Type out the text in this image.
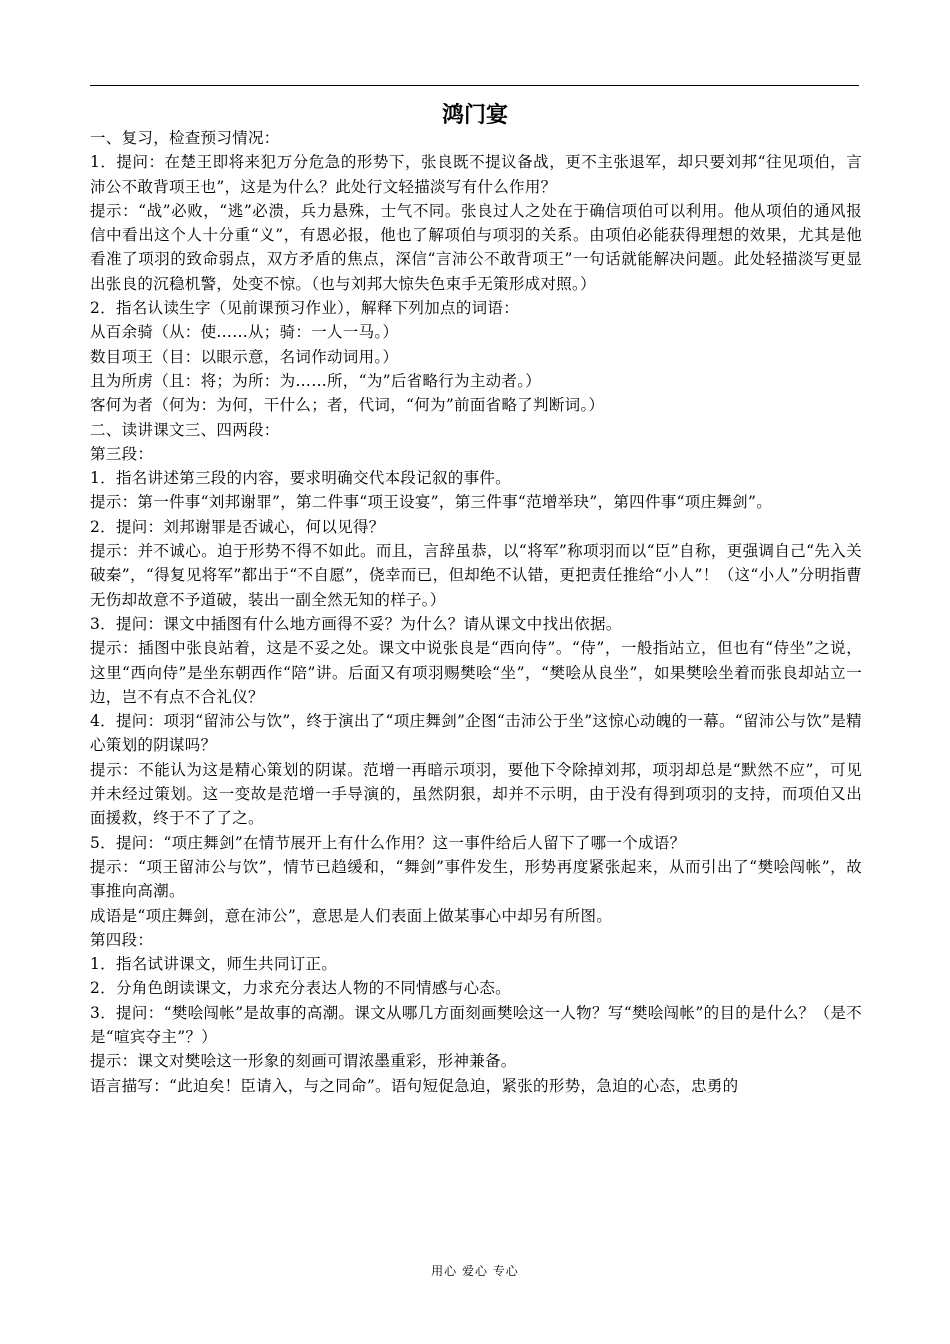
鸿门宴

一、复习，检查预习情况：

1．提问：在楚王即将来犯万分危急的形势下，张良既不提议备战，更不主张退军，却只要刘邦“往见项伯，言沛公不敢背项王也”，这是为什么？此处行文轻描淡写有什么作用？

提示：“战”必败，“逃”必溃，兵力悬殊，士气不同。张良过人之处在于确信项伯可以利用。他从项伯的通风报信中看出这个人十分重“义”，有恩必报，他也了解项伯与项羽的关系。由项伯必能获得理想的效果，尤其是他看准了项羽的致命弱点，双方矛盾的焦点，深信“言沛公不敢背项王”一句话就能解决问题。此处轻描淡写更显出张良的沉稳机警，处变不惊。（也与刘邦大惊失色束手无策形成对照。）

2．指名认读生字（见前课预习作业），解释下列加点的词语：

从百余骑（从：使……从；骑：一人一马。）

数目项王（目：以眼示意，名词作动词用。）

且为所虏（且：将；为所：为……所，“为”后省略行为主动者。）

客何为者（何为：为何，干什么；者，代词，“何为”前面省略了判断词。）

二、读讲课文三、四两段：

第三段：

1．指名讲述第三段的内容，要求明确交代本段记叙的事件。

提示：第一件事“刘邦谢罪”，第二件事“项王设宴”，第三件事“范增举玦”，第四件事“项庄舞剑”。

2．提问：刘邦谢罪是否诚心，何以见得？

提示：并不诚心。迫于形势不得不如此。而且，言辞虽恭，以“将军”称项羽而以“臣”自称，更强调自己“先入关破秦”，“得复见将军”都出于“不自愿”，侥幸而已，但却绝不认错，更把责任推给“小人”！（这“小人”分明指曹无伤却故意不予道破，装出一副全然无知的样子。）

3．提问：课文中插图有什么地方画得不妥？为什么？请从课文中找出依据。

提示：插图中张良站着，这是不妥之处。课文中说张良是“西向侍”。“侍”，一般指站立，但也有“侍坐”之说，这里“西向侍”是坐东朝西作“陪”讲。后面又有项羽赐樊哙“坐”，“樊哙从良坐”，如果樊哙坐着而张良却站立一边，岂不有点不合礼仪？

4．提问：项羽“留沛公与饮”，终于演出了“项庄舞剑”企图“击沛公于坐”这惊心动魄的一幕。“留沛公与饮”是精心策划的阴谋吗？

提示：不能认为这是精心策划的阴谋。范增一再暗示项羽，要他下令除掉刘邦，项羽却总是“默然不应”，可见并未经过策划。这一变故是范增一手导演的，虽然阴狠，却并不示明，由于没有得到项羽的支持，而项伯又出面援救，终于不了了之。

5．提问：“项庄舞剑”在情节展开上有什么作用？这一事件给后人留下了哪一个成语？

提示：“项王留沛公与饮”，情节已趋缓和，“舞剑”事件发生，形势再度紧张起来，从而引出了“樊哙闯帐”，故事推向高潮。

成语是“项庄舞剑，意在沛公”，意思是人们表面上做某事心中却另有所图。

第四段：

1．指名试讲课文，师生共同订正。

2．分角色朗读课文，力求充分表达人物的不同情感与心态。

3．提问：“樊哙闯帐”是故事的高潮。课文从哪几方面刻画樊哙这一人物？写“樊哙闯帐”的目的是什么？（是不是“喧宾夺主”？）

提示：课文对樊哙这一形象的刻画可谓浓墨重彩，形神兼备。

语言描写：“此迫矣！臣请入，与之同命”。语句短促急迫，紧张的形势，急迫的心态，忠勇的

用心 爱心 专心
